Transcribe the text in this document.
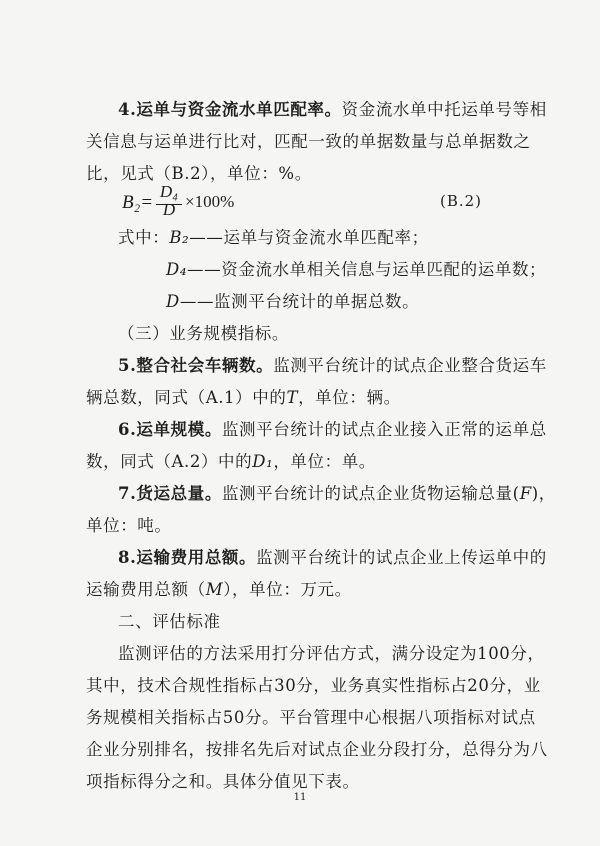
4.运单与资金流水单匹配率。资金流水单中托运单号等相
关信息与运单进行比对，匹配一致的单据数量与总单据数之
比，见式（B.2），单位：%。
B₂=
D₄
D ×100%	(B.2)
式中：B₂——运单与资金流水单匹配率；
D₄——资金流水单相关信息与运单匹配的运单数；
D——监测平台统计的单据总数。
（三）业务规模指标。
5.整合社会车辆数。监测平台统计的试点企业整合货运车
辆总数，同式（A.1）中的T，单位：辆。
6.运单规模。监测平台统计的试点企业接入正常的运单总
数，同式（A.2）中的D₁，单位：单。
7.货运总量。监测平台统计的试点企业货物运输总量(F)，
单位：吨。
8.运输费用总额。监测平台统计的试点企业上传运单中的
运输费用总额（M），单位：万元。
二、评估标准
监测评估的方法采用打分评估方式，满分设定为100分，
其中，技术合规性指标占30分，业务真实性指标占20分，业
务规模相关指标占50分。平台管理中心根据八项指标对试点
企业分别排名，按排名先后对试点企业分段打分，总得分为八
项指标得分之和。具体分值见下表。
11
